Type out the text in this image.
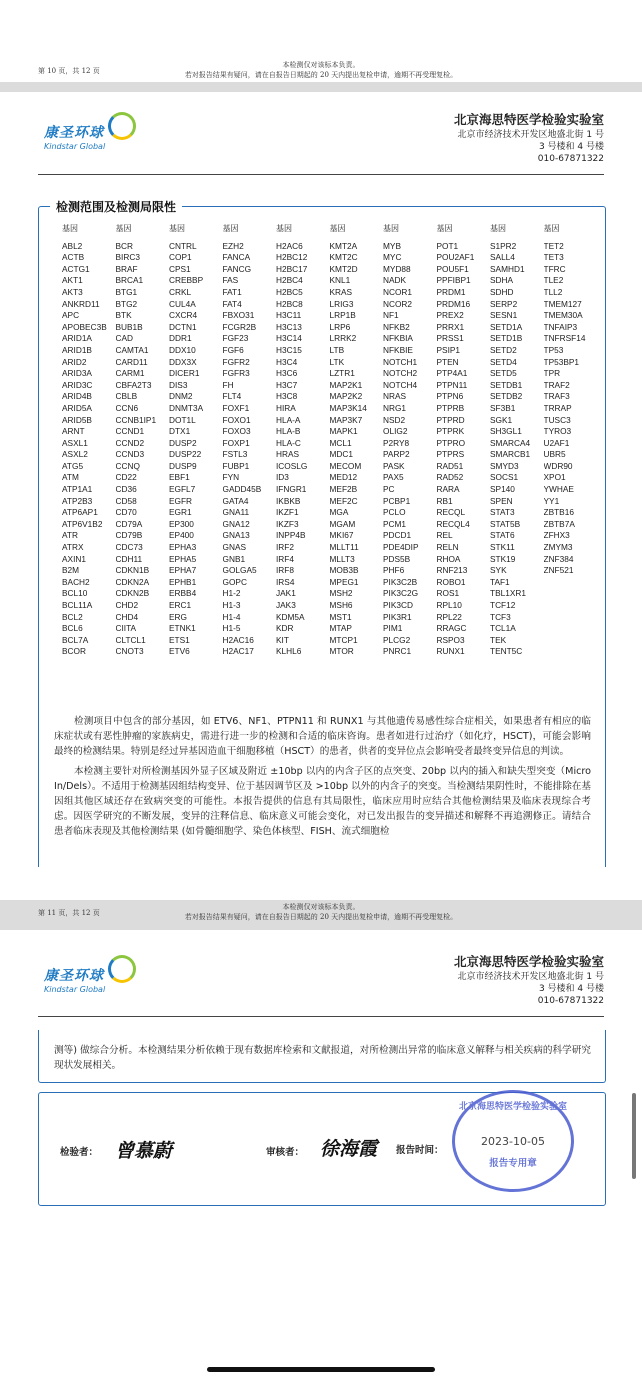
第 10 页，共 12 页
本检测仅对该标本负责。
若对报告结果有疑问，请在自报告日期起的 20 天内提出复检申请，逾期不再受理复检。
康圣环球
Kindstar Global
北京海思特医学检验实验室
北京市经济技术开发区地盛北街 1 号
3 号楼和 4 号楼
010-67871322
检测范围及检测局限性
基因	基因	基因	基因	基因	基因	基因	基因	基因	基因
ABL2	BCR	CNTRL	EZH2	H2AC6	KMT2A	MYB	POT1	S1PR2	TET2
ACTB	BIRC3	COP1	FANCA	H2BC12	KMT2C	MYC	POU2AF1	SALL4	TET3
ACTG1	BRAF	CPS1	FANCG	H2BC17	KMT2D	MYD88	POU5F1	SAMHD1	TFRC
AKT1	BRCA1	CREBBP	FAS	H2BC4	KNL1	NADK	PPFIBP1	SDHA	TLE2
AKT3	BTG1	CRKL	FAT1	H2BC5	KRAS	NCOR1	PRDM1	SDHD	TLL2
ANKRD11	BTG2	CUL4A	FAT4	H2BC8	LRIG3	NCOR2	PRDM16	SERP2	TMEM127
APC	BTK	CXCR4	FBXO31	H3C11	LRP1B	NF1	PREX2	SESN1	TMEM30A
APOBEC3B	BUB1B	DCTN1	FCGR2B	H3C13	LRP6	NFKB2	PRRX1	SETD1A	TNFAIP3
ARID1A	CAD	DDR1	FGF23	H3C14	LRRK2	NFKBIA	PRSS1	SETD1B	TNFRSF14
ARID1B	CAMTA1	DDX10	FGF6	H3C15	LTB	NFKBIE	PSIP1	SETD2	TP53
ARID2	CARD11	DDX3X	FGFR2	H3C4	LTK	NOTCH1	PTEN	SETD4	TP53BP1
ARID3A	CARM1	DICER1	FGFR3	H3C6	LZTR1	NOTCH2	PTP4A1	SETD5	TPR
ARID3C	CBFA2T3	DIS3	FH	H3C7	MAP2K1	NOTCH4	PTPN11	SETDB1	TRAF2
ARID4B	CBLB	DNM2	FLT4	H3C8	MAP2K2	NRAS	PTPN6	SETDB2	TRAF3
ARID5A	CCN6	DNMT3A	FOXF1	HIRA	MAP3K14	NRG1	PTPRB	SF3B1	TRRAP
ARID5B	CCNB1IP1	DOT1L	FOXO1	HLA-A	MAP3K7	NSD2	PTPRD	SGK1	TUSC3
ARNT	CCND1	DTX1	FOXO3	HLA-B	MAPK1	OLIG2	PTPRK	SH3GL1	TYRO3
ASXL1	CCND2	DUSP2	FOXP1	HLA-C	MCL1	P2RY8	PTPRO	SMARCA4	U2AF1
ASXL2	CCND3	DUSP22	FSTL3	HRAS	MDC1	PARP2	PTPRS	SMARCB1	UBR5
ATG5	CCNQ	DUSP9	FUBP1	ICOSLG	MECOM	PASK	RAD51	SMYD3	WDR90
ATM	CD22	EBF1	FYN	ID3	MED12	PAX5	RAD52	SOCS1	XPO1
ATP1A1	CD36	EGFL7	GADD45B	IFNGR1	MEF2B	PC	RARA	SP140	YWHAE
ATP2B3	CD58	EGFR	GATA4	IKBKB	MEF2C	PCBP1	RB1	SPEN	YY1
ATP6AP1	CD70	EGR1	GNA11	IKZF1	MGA	PCLO	RECQL	STAT3	ZBTB16
ATP6V1B2	CD79A	EP300	GNA12	IKZF3	MGAM	PCM1	RECQL4	STAT5B	ZBTB7A
ATR	CD79B	EP400	GNA13	INPP4B	MKI67	PDCD1	REL	STAT6	ZFHX3
ATRX	CDC73	EPHA3	GNAS	IRF2	MLLT11	PDE4DIP	RELN	STK11	ZMYM3
AXIN1	CDH11	EPHA5	GNB1	IRF4	MLLT3	PDS5B	RHOA	STK19	ZNF384
B2M	CDKN1B	EPHA7	GOLGA5	IRF8	MOB3B	PHF6	RNF213	SYK	ZNF521
BACH2	CDKN2A	EPHB1	GOPC	IRS4	MPEG1	PIK3C2B	ROBO1	TAF1
BCL10	CDKN2B	ERBB4	H1-2	JAK1	MSH2	PIK3C2G	ROS1	TBL1XR1
BCL11A	CHD2	ERC1	H1-3	JAK3	MSH6	PIK3CD	RPL10	TCF12
BCL2	CHD4	ERG	H1-4	KDM5A	MST1	PIK3R1	RPL22	TCF3
BCL6	CIITA	ETNK1	H1-5	KDR	MTAP	PIM1	RRAGC	TCL1A
BCL7A	CLTCL1	ETS1	H2AC16	KIT	MTCP1	PLCG2	RSPO3	TEK
BCOR	CNOT3	ETV6	H2AC17	KLHL6	MTOR	PNRC1	RUNX1	TENT5C

检测项目中包含的部分基因，如 ETV6、NF1、PTPN11 和 RUNX1 与其他遗传易感性综合症相关，如果患者有相应的临床症状或有恶性肿瘤的家族病史，需进行进一步的检测和合适的临床咨询。患者如进行过治疗（如化疗，HSCT)，可能会影响最终的检测结果。特别是经过异基因造血干细胞移植（HSCT）的患者，供者的变异位点会影响受者最终变异信息的判读。

本检测主要针对所检测基因外显子区域及附近 ±10bp 以内的内含子区的点突变、20bp 以内的插入和缺失型突变（Micro In/Dels）。不适用于检测基因组结构变异、位于基因调节区及 >10bp 以外的内含子的突变。当检测结果阴性时，不能排除在基因组其他区域还存在致病突变的可能性。本报告提供的信息有其局限性，临床应用时应结合其他检测结果及临床表现综合考虑。因医学研究的不断发展，变异的注释信息、临床意义可能会变化，对已发出报告的变异描述和解释不再追溯修正。请结合患者临床表现及其他检测结果 (如骨髓细胞学、染色体核型、FISH、流式细胞检

第 11 页，共 12 页
本检测仅对该标本负责。
若对报告结果有疑问，请在自报告日期起的 20 天内提出复检申请，逾期不再受理复检。
康圣环球
Kindstar Global
北京海思特医学检验实验室
北京市经济技术开发区地盛北街 1 号
3 号楼和 4 号楼
010-67871322

测等) 做综合分析。本检测结果分析依赖于现有数据库检索和文献报道，对所检测出异常的临床意义解释与相关疾病的科学研究现状发展相关。

检验者： 曾慕蔚	审核者： 徐海霞 报告时间：
北京海思特医学检验实验室
2023-10-05
报告专用章
